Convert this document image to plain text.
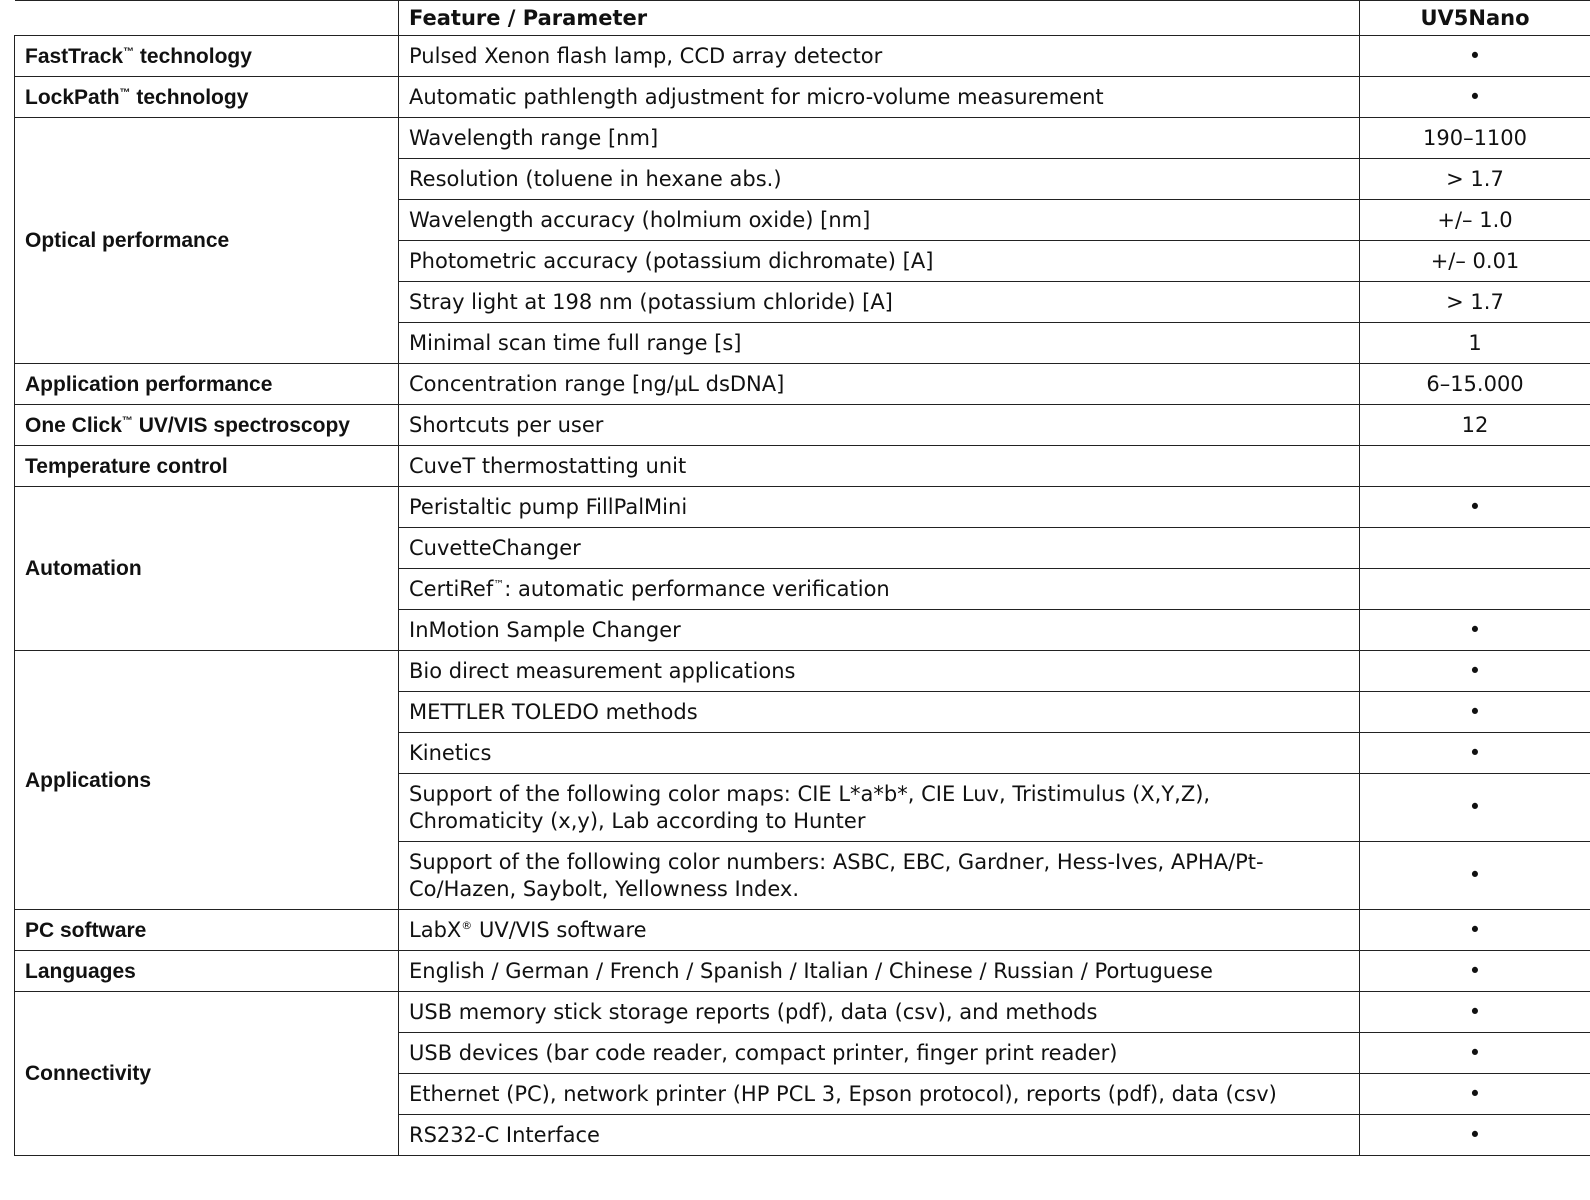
	Feature / Parameter	UV5Nano
FastTrack™ technology	Pulsed Xenon flash lamp, CCD array detector	•
LockPath™ technology	Automatic pathlength adjustment for micro-volume measurement	•
Optical performance	Wavelength range [nm]	190–1100
	Resolution (toluene in hexane abs.)	> 1.7
	Wavelength accuracy (holmium oxide) [nm]	+/– 1.0
	Photometric accuracy (potassium dichromate) [A]	+/– 0.01
	Stray light at 198 nm (potassium chloride) [A]	> 1.7
	Minimal scan time full range [s]	1
Application performance	Concentration range [ng/µL dsDNA]	6–15.000
One Click™ UV/VIS spectroscopy	Shortcuts per user	12
Temperature control	CuveT thermostatting unit	
Automation	Peristaltic pump FillPalMini	•
	CuvetteChanger	
	CertiRef™: automatic performance verification	
	InMotion Sample Changer	•
Applications	Bio direct measurement applications	•
	METTLER TOLEDO methods	•
	Kinetics	•
	Support of the following color maps: CIE L*a*b*, CIE Luv, Tristimulus (X,Y,Z), Chromaticity (x,y), Lab according to Hunter	•
	Support of the following color numbers: ASBC, EBC, Gardner, Hess-Ives, APHA/Pt-Co/Hazen, Saybolt, Yellowness Index.	•
PC software	LabX® UV/VIS software	•
Languages	English / German / French / Spanish / Italian / Chinese / Russian / Portuguese	•
Connectivity	USB memory stick storage reports (pdf), data (csv), and methods	•
	USB devices (bar code reader, compact printer, finger print reader)	•
	Ethernet (PC), network printer (HP PCL 3, Epson protocol), reports (pdf), data (csv)	•
	RS232-C Interface	•
